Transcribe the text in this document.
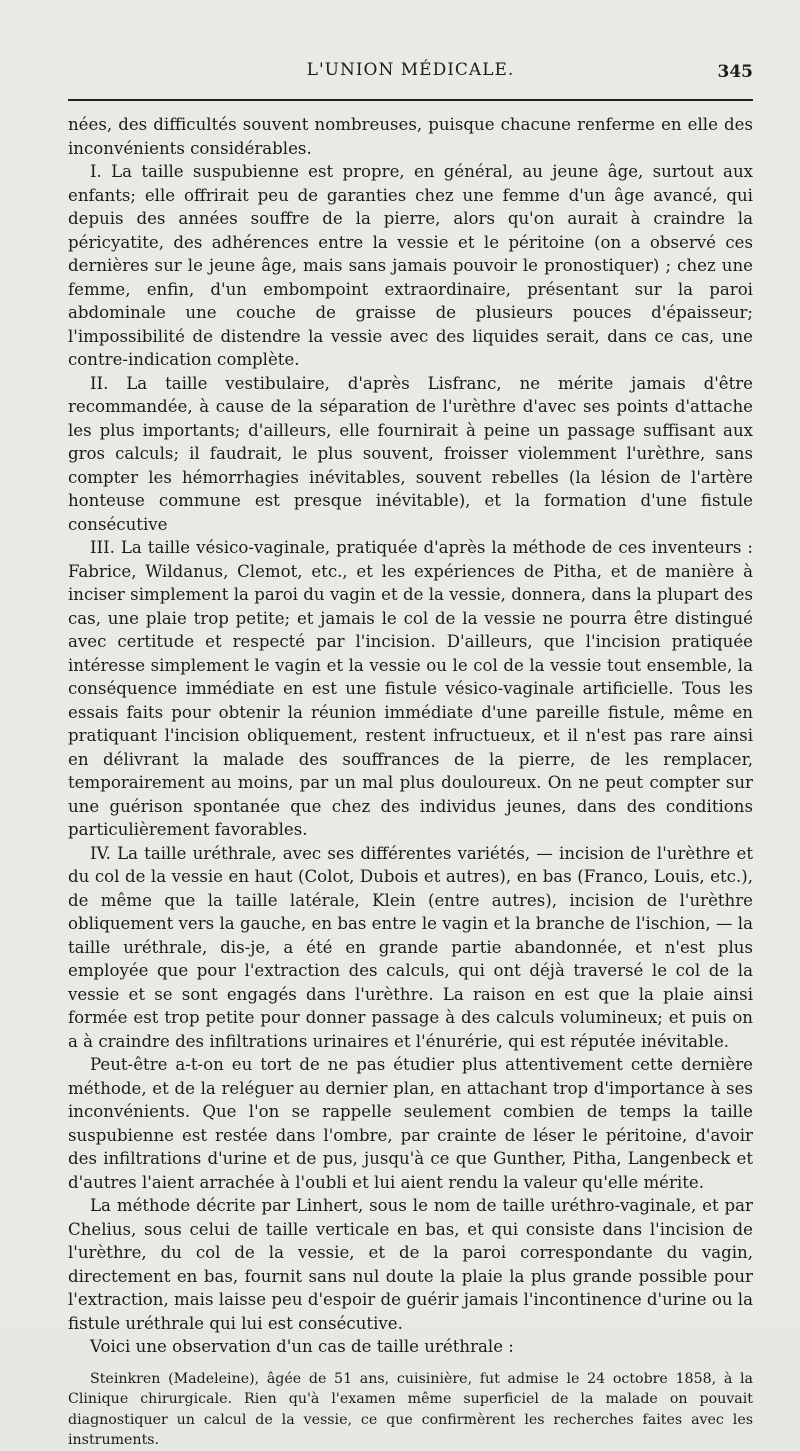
L'UNION MÉDICALE.	345

nées, des difficultés souvent nombreuses, puisque chacune renferme en elle des inconvénients considérables.

I. La taille suspubienne est propre, en général, au jeune âge, surtout aux enfants; elle offrirait peu de garanties chez une femme d'un âge avancé, qui depuis des années souffre de la pierre, alors qu'on aurait à craindre la péricyatite, des adhérences entre la vessie et le péritoine (on a observé ces dernières sur le jeune âge, mais sans jamais pouvoir le pronostiquer) ; chez une femme, enfin, d'un embompoint extraordinaire, présentant sur la paroi abdominale une couche de graisse de plusieurs pouces d'épaisseur; l'impossibilité de distendre la vessie avec des liquides serait, dans ce cas, une contre-indication complète.

II. La taille vestibulaire, d'après Lisfranc, ne mérite jamais d'être recommandée, à cause de la séparation de l'urèthre d'avec ses points d'attache les plus importants; d'ailleurs, elle fournirait à peine un passage suffisant aux gros calculs; il faudrait, le plus souvent, froisser violemment l'urèthre, sans compter les hémorrhagies inévitables, souvent rebelles (la lésion de l'artère honteuse commune est presque inévitable), et la formation d'une fistule consécutive

III. La taille vésico-vaginale, pratiquée d'après la méthode de ces inventeurs : Fabrice, Wildanus, Clemot, etc., et les expériences de Pitha, et de manière à inciser simplement la paroi du vagin et de la vessie, donnera, dans la plupart des cas, une plaie trop petite; et jamais le col de la vessie ne pourra être distingué avec certitude et respecté par l'incision. D'ailleurs, que l'incision pratiquée intéresse simplement le vagin et la vessie ou le col de la vessie tout ensemble, la conséquence immédiate en est une fistule vésico-vaginale artificielle. Tous les essais faits pour obtenir la réunion immédiate d'une pareille fistule, même en pratiquant l'incision obliquement, restent infructueux, et il n'est pas rare ainsi en délivrant la malade des souffrances de la pierre, de les remplacer, temporairement au moins, par un mal plus douloureux. On ne peut compter sur une guérison spontanée que chez des individus jeunes, dans des conditions particulièrement favorables.

IV. La taille uréthrale, avec ses différentes variétés, — incision de l'urèthre et du col de la vessie en haut (Colot, Dubois et autres), en bas (Franco, Louis, etc.), de même que la taille latérale, Klein (entre autres), incision de l'urèthre obliquement vers la gauche, en bas entre le vagin et la branche de l'ischion, — la taille uréthrale, dis-je, a été en grande partie abandonnée, et n'est plus employée que pour l'extraction des calculs, qui ont déjà traversé le col de la vessie et se sont engagés dans l'urèthre. La raison en est que la plaie ainsi formée est trop petite pour donner passage à des calculs volumineux; et puis on a à craindre des infiltrations urinaires et l'énurérie, qui est réputée inévitable.

Peut-être a-t-on eu tort de ne pas étudier plus attentivement cette dernière méthode, et de la reléguer au dernier plan, en attachant trop d'importance à ses inconvénients. Que l'on se rappelle seulement combien de temps la taille suspubienne est restée dans l'ombre, par crainte de léser le péritoine, d'avoir des infiltrations d'urine et de pus, jusqu'à ce que Gunther, Pitha, Langenbeck et d'autres l'aient arrachée à l'oubli et lui aient rendu la valeur qu'elle mérite.

La méthode décrite par Linhert, sous le nom de taille uréthro-vaginale, et par Chelius, sous celui de taille verticale en bas, et qui consiste dans l'incision de l'urèthre, du col de la vessie, et de la paroi correspondante du vagin, directement en bas, fournit sans nul doute la plaie la plus grande possible pour l'extraction, mais laisse peu d'espoir de guérir jamais l'incontinence d'urine ou la fistule uréthrale qui lui est consécutive.

Voici une observation d'un cas de taille uréthrale :

Steinkren (Madeleine), âgée de 51 ans, cuisinière, fut admise le 24 octobre 1858, à la Clinique chirurgicale. Rien qu'à l'examen même superficiel de la malade on pouvait diagnostiquer un calcul de la vessie, ce que confirmèrent les recherches faites avec les instruments.
